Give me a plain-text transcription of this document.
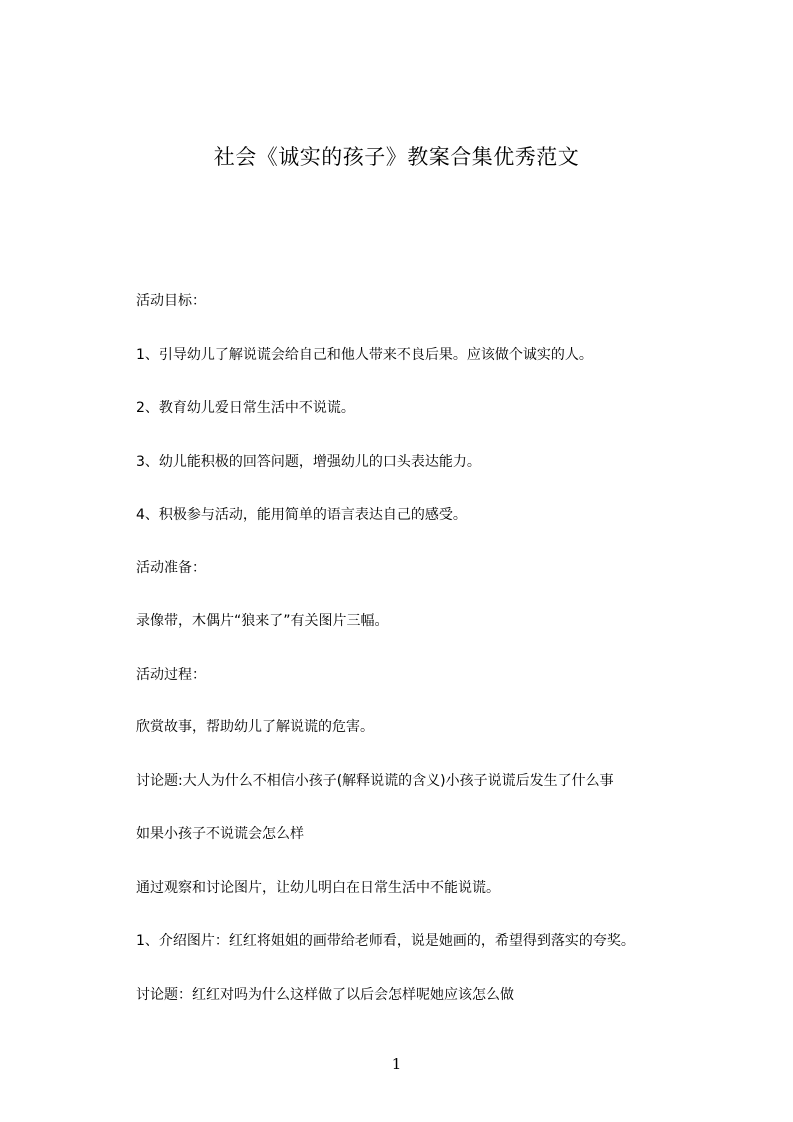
社会《诚实的孩子》教案合集优秀范文
活动目标：
1、引导幼儿了解说谎会给自己和他人带来不良后果。应该做个诚实的人。
2、教育幼儿爱日常生活中不说谎。
3、幼儿能积极的回答问题，增强幼儿的口头表达能力。
4、积极参与活动，能用简单的语言表达自己的感受。
活动准备：
录像带，木偶片“狼来了”有关图片三幅。
活动过程：
欣赏故事，帮助幼儿了解说谎的危害。
讨论题:大人为什么不相信小孩子(解释说谎的含义)小孩子说谎后发生了什么事
如果小孩子不说谎会怎么样
通过观察和讨论图片，让幼儿明白在日常生活中不能说谎。
1、介绍图片：红红将姐姐的画带给老师看，说是她画的，希望得到落实的夸奖。
讨论题：红红对吗为什么这样做了以后会怎样呢她应该怎么做
1
